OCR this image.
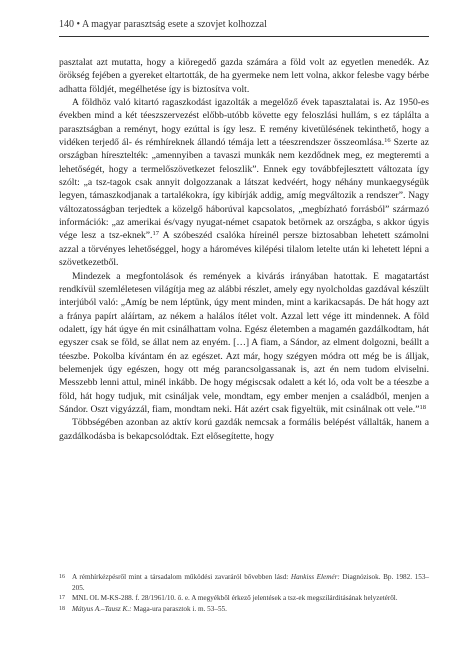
140 • A magyar parasztság esete a szovjet kolhozzal

pasztalat azt mutatta, hogy a kiöregedő gazda számára a föld volt az egyetlen menedék. Az örökség fejében a gyereket eltartották, de ha gyermeke nem lett volna, akkor felesbe vagy bérbe adhatta földjét, megélhetése így is biztosítva volt.

A földhöz való kitartó ragaszkodást igazolták a megelőző évek tapasztalatai is. Az 1950-es években mind a két téeszszervezést előbb-utóbb követte egy feloszlási hullám, s ez táplálta a parasztságban a reményt, hogy ezúttal is így lesz. E remény kivetülésének tekinthető, hogy a vidéken terjedő ál- és rémhíreknek állandó témája lett a téeszrendszer összeomlása.$^{16}$ Szerte az országban híresztelték: „amennyiben a tavaszi munkák nem kezdődnek meg, ez megteremti a lehetőségét, hogy a termelőszövetkezet feloszlik”. Ennek egy továbbfejlesztett változata így szólt: „a tsz-tagok csak annyit dolgozzanak a látszat kedvéért, hogy néhány munkaegységük legyen, támaszkodjanak a tartalékokra, így kibírják addig, amíg megváltozik a rendszer”. Nagy változatosságban terjedtek a közelgő háborúval kapcsolatos, „megbízható forrásból” származó információk: „az amerikai és/vagy nyugat-német csapatok betörnek az országba, s akkor úgyis vége lesz a tsz-eknek”.$^{17}$ A szóbeszéd csalóka híreinél persze biztosabban lehetett számolni azzal a törvényes lehetőséggel, hogy a hároméves kilépési tilalom letelte után ki lehetett lépni a szövetkezetből.

Mindezek a megfontolások és remények a kivárás irányában hatottak. E magatartást rendkívül szemléletesen világítja meg az alábbi részlet, amely egy nyolcholdas gazdával készült interjúból való: „Amíg be nem léptünk, úgy ment minden, mint a karikacsapás. De hát hogy azt a frányа papírt aláírtam, az nékem a halálos ítélet volt. Azzal lett vége itt mindennek. A föld odalett, így hát úgye én mit csinálhattam volna. Egész életemben a magamén gazdálkodtam, hát egyszer csak se föld, se állat nem az enyém. […] A fiam, a Sándor, az elment dolgozni, beállt a téeszbe. Pokolba kívántam én az egészet. Azt már, hogy szégyen módra ott még be is álljak, belemenjek úgy egészen, hogy ott még parancsolgassanak is, azt én nem tudom elviselni. Messzebb lenni attul, minél inkább. De hogy mégiscsak odalett a két ló, oda volt be a téeszbe a föld, hát hogy tudjuk, mit csináljak vele, mondtam, egy ember menjen a családból, menjen a Sándor. Oszt vigyázzál, fiam, mondtam neki. Hát azért csak figyeltük, mit csinálnak ott vele.”$^{18}$

Többségében azonban az aktív korú gazdák nemcsak a formális belépést vállalták, hanem a gazdálkodásba is bekapcsolódtak. Ezt elősegítette, hogy

16 A rémhírkézpésről mint a társadalom működési zavaráról bővebben lásd: Hankiss Elemér: Diagnózisok. Bp. 1982. 153–205.
17 MNL OL M-KS-288. f. 28/1961/10. ő. e. A megyékből érkező jelentések a tsz-ek megszilárditásának helyzetéről.
18 Mátyus A.–Tausz K.: Maga-ura parasztok i. m. 53–55.
